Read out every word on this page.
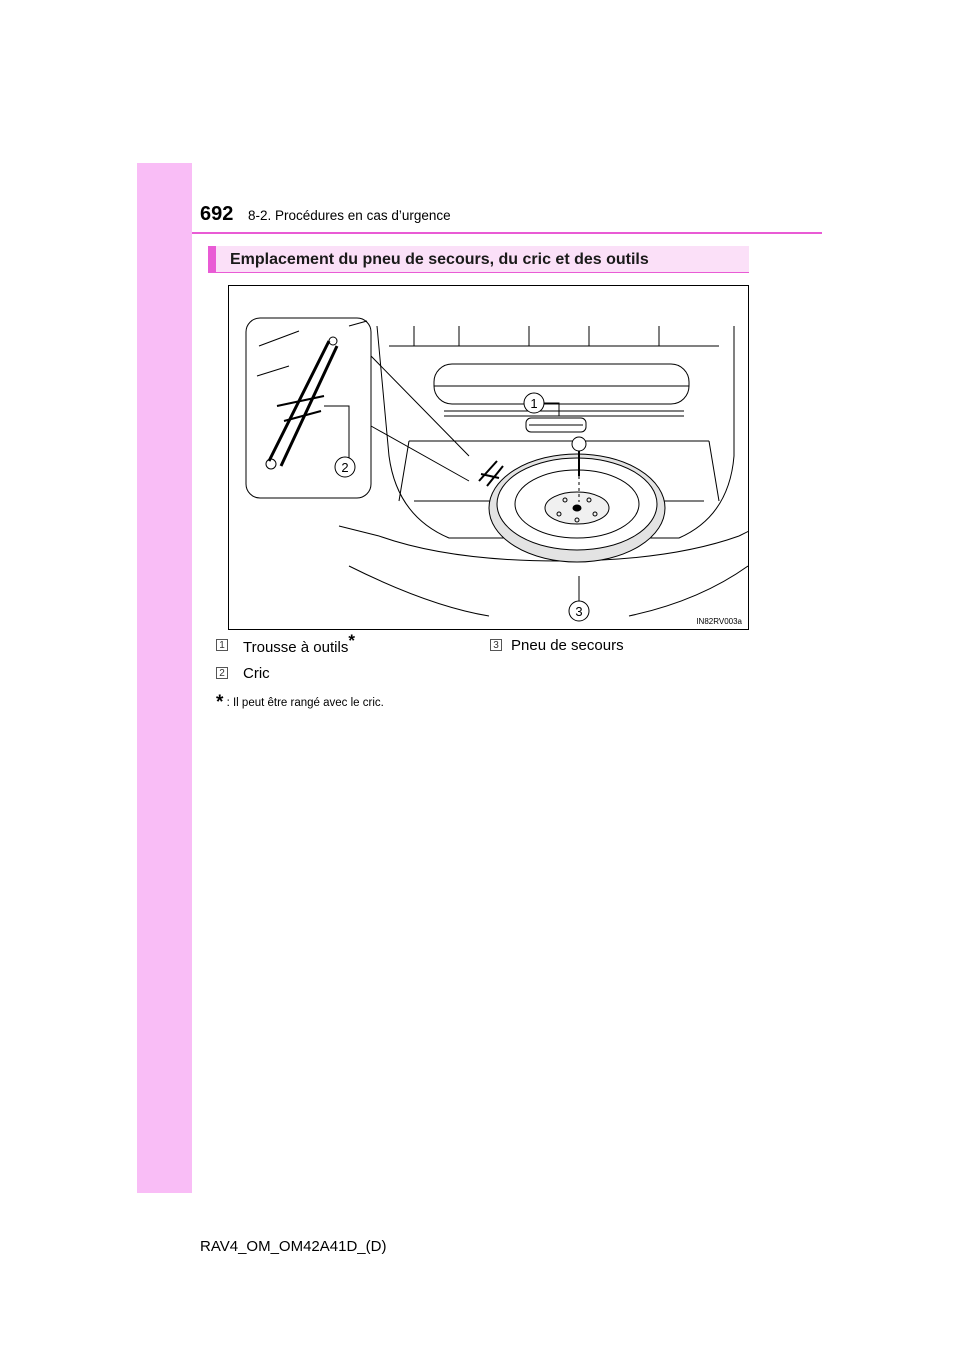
692 8-2. Procédures en cas d’urgence
Emplacement du pneu de secours, du cric et des outils
1
2
3
IN82RV003a
1 Trousse à outils*
2 Cric
3 Pneu de secours
* : Il peut être rangé avec le cric.
RAV4_OM_OM42A41D_(D)
